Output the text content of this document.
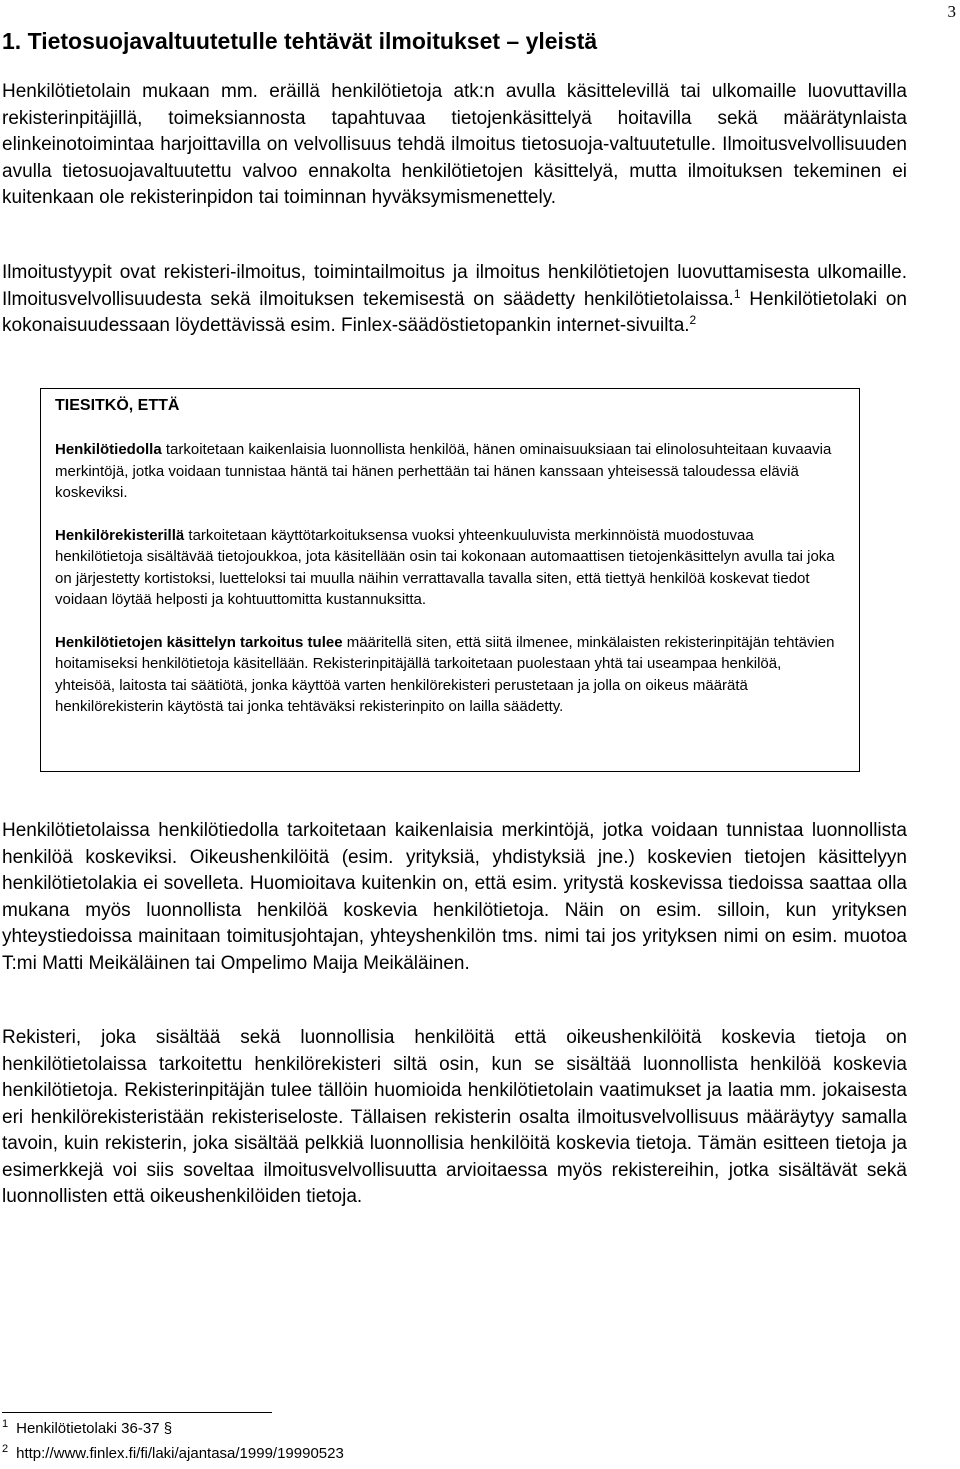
3
1. Tietosuojavaltuutetulle tehtävät ilmoitukset – yleistä

Henkilötietolain mukaan mm. eräillä henkilötietoja atk:n avulla käsittelevillä tai ulkomaille luovuttavilla rekisterinpitäjillä, toimeksiannosta tapahtuvaa tietojenkäsittelyä hoitavilla sekä määrätynlaista elinkeinotoimintaa harjoittavilla on velvollisuus tehdä ilmoitus tietosuoja-valtuutetulle. Ilmoitusvelvollisuuden avulla tietosuojavaltuutettu valvoo ennakolta henkilötietojen käsittelyä, mutta ilmoituksen tekeminen ei kuitenkaan ole rekisterinpidon tai toiminnan hyväksymismenettely.

Ilmoitustyypit ovat rekisteri-ilmoitus, toimintailmoitus ja ilmoitus henkilötietojen luovuttamisesta ulkomaille. Ilmoitusvelvollisuudesta sekä ilmoituksen tekemisestä on säädetty henkilötietolaissa.$^1$ Henkilötietolaki on kokonaisuudessaan löydettävissä esim. Finlex-säädöstietopankin internet-sivuilta.$^2$

TIESITKÖ, ETTÄ

Henkilötiedolla tarkoitetaan kaikenlaisia luonnollista henkilöä, hänen ominaisuuksiaan tai elinolosuhteitaan kuvaavia merkintöjä, jotka voidaan tunnistaa häntä tai hänen perhettään tai hänen kanssaan yhteisessä taloudessa eläviä koskeviksi.

Henkilörekisterillä tarkoitetaan käyttötarkoituksensa vuoksi yhteenkuuluvista merkinnöistä muodostuvaa henkilötietoja sisältävää tietojoukkoa, jota käsitellään osin tai kokonaan automaattisen tietojenkäsittelyn avulla tai joka on järjestetty kortistoksi, luetteloksi tai muulla näihin verrattavalla tavalla siten, että tiettyä henkilöä koskevat tiedot voidaan löytää helposti ja kohtuuttomitta kustannuksitta.

Henkilötietojen käsittelyn tarkoitus tulee määritellä siten, että siitä ilmenee, minkälaisten rekisterinpitäjän tehtävien hoitamiseksi henkilötietoja käsitellään. Rekisterinpitäjällä tarkoitetaan puolestaan yhtä tai useampaa henkilöä, yhteisöä, laitosta tai säätiötä, jonka käyttöä varten henkilörekisteri perustetaan ja jolla on oikeus määrätä henkilörekisterin käytöstä tai jonka tehtäväksi rekisterinpito on lailla säädetty.

Henkilötietolaissa henkilötiedolla tarkoitetaan kaikenlaisia merkintöjä, jotka voidaan tunnistaa luonnollista henkilöä koskeviksi. Oikeushenkilöitä (esim. yrityksiä, yhdistyksiä jne.) koskevien tietojen käsittelyyn henkilötietolakia ei sovelleta. Huomioitava kuitenkin on, että esim. yritystä koskevissa tiedoissa saattaa olla mukana myös luonnollista henkilöä koskevia henkilötietoja. Näin on esim. silloin, kun yrityksen yhteystiedoissa mainitaan toimitusjohtajan, yhteyshenkilön tms. nimi tai jos yrityksen nimi on esim. muotoa T:mi Matti Meikäläinen tai Ompelimo Maija Meikäläinen.

Rekisteri, joka sisältää sekä luonnollisia henkilöitä että oikeushenkilöitä koskevia tietoja on henkilötietolaissa tarkoitettu henkilörekisteri siltä osin, kun se sisältää luonnollista henkilöä koskevia henkilötietoja. Rekisterinpitäjän tulee tällöin huomioida henkilötietolain vaatimukset ja laatia mm. jokaisesta eri henkilörekisteristään rekisteriseloste. Tällaisen rekisterin osalta ilmoitusvelvollisuus määräytyy samalla tavoin, kuin rekisterin, joka sisältää pelkkiä luonnollisia henkilöitä koskevia tietoja. Tämän esitteen tietoja ja esimerkkejä voi siis soveltaa ilmoitusvelvollisuutta arvioitaessa myös rekistereihin, jotka sisältävät sekä luonnollisten että oikeushenkilöiden tietoja.

$^1$ Henkilötietolaki 36-37 §
$^2$ http://www.finlex.fi/fi/laki/ajantasa/1999/19990523
